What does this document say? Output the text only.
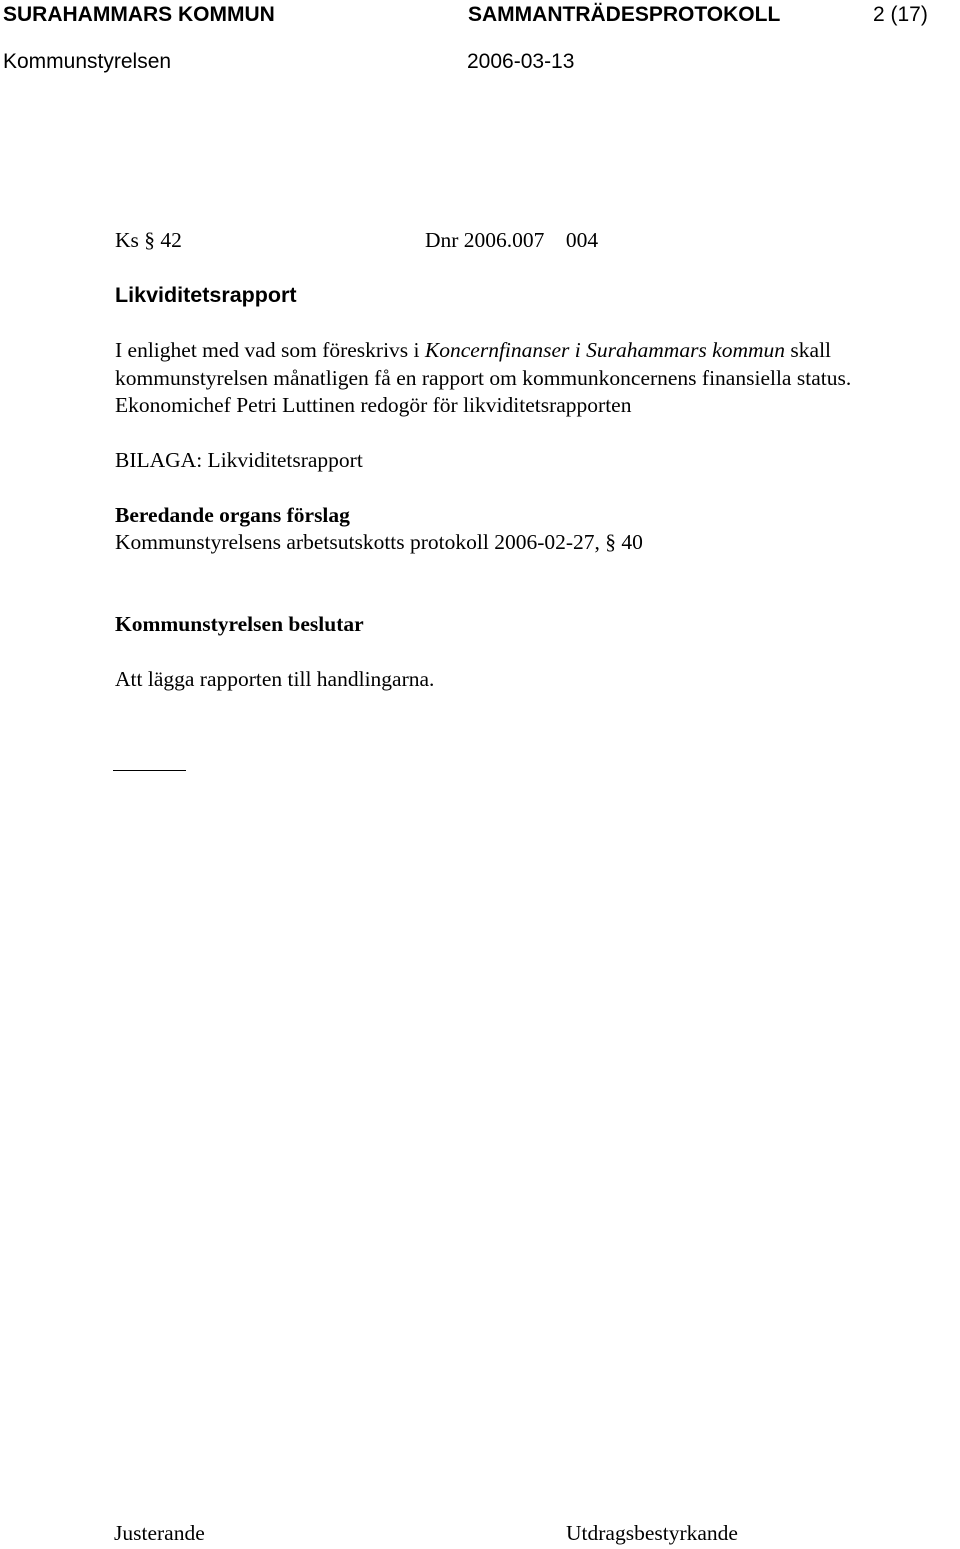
SURAHAMMARS KOMMUN	SAMMANTRÄDESPROTOKOLL	2 (17)
Kommunstyrelsen	2006-03-13
Ks § 42	Dnr 2006.007    004
Likviditetsrapport
I enlighet med vad som föreskrivs i Koncernfinanser i Surahammars kommun skall kommunstyrelsen månatligen få en rapport om kommunkoncernens finansiella status. Ekonomichef Petri Luttinen redogör för likviditetsrapporten
BILAGA: Likviditetsrapport
Beredande organs förslag
Kommunstyrelsens arbetsutskotts protokoll 2006-02-27, § 40
Kommunstyrelsen beslutar
Att lägga rapporten till handlingarna.
Justerande	Utdragsbestyrkande
